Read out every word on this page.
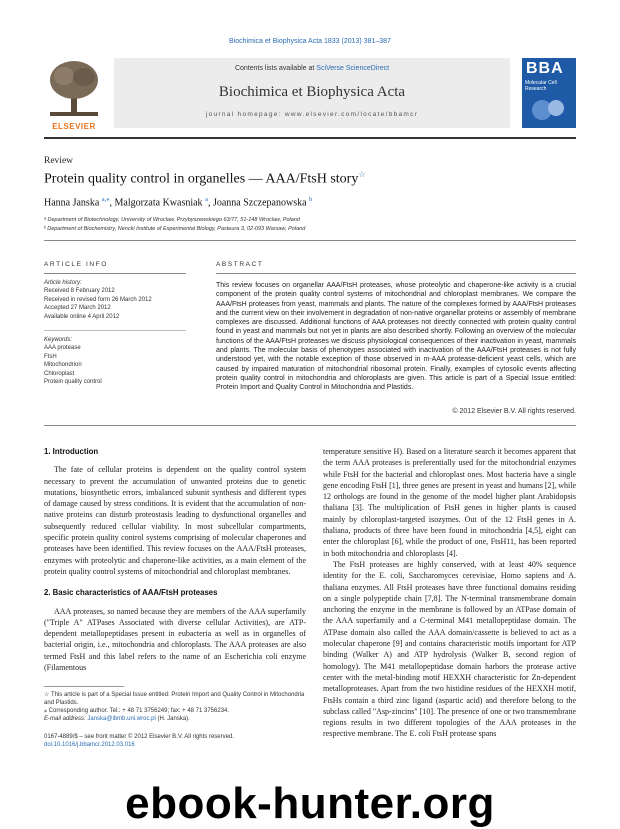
Biochimica et Biophysica Acta 1833 (2013) 381–387
ELSEVIER
Contents lists available at SciVerse ScienceDirect
Biochimica et Biophysica Acta
journal homepage: www.elsevier.com/locate/bbamcr
BBA
Molecular Cell Research
Review
Protein quality control in organelles — AAA/FtsH story☆
Hanna Janska $^{a,⁎}$, Malgorzata Kwasniak $^a$, Joanna Szczepanowska $^b$
ᵃ Department of Biotechnology, University of Wroclaw, Przybyszewskiego 63/77, 51-148 Wroclaw, Poland
ᵇ Department of Biochemistry, Nencki Institute of Experimental Biology, Pasteura 3, 02-093 Warsaw, Poland
ARTICLE INFO
Article history:
Received 8 February 2012
Received in revised form 26 March 2012
Accepted 27 March 2012
Available online 4 April 2012
Keywords:
AAA protease
FtsH
Mitochondrion
Chloroplast
Protein quality control
ABSTRACT
This review focuses on organellar AAA/FtsH proteases, whose proteolytic and chaperone-like activity is a crucial component of the protein quality control systems of mitochondrial and chloroplast membranes. We compare the AAA/FtsH proteases from yeast, mammals and plants. The nature of the complexes formed by AAA/FtsH proteases and the current view on their involvement in degradation of non-native organellar proteins or assembly of membrane complexes are discussed. Additional functions of AAA proteases not directly connected with protein quality control found in yeast and mammals but not yet in plants are also described shortly. Following an overview of the molecular functions of the AAA/FtsH proteases we discuss physiological consequences of their inactivation in yeast, mammals and plants. The molecular basis of phenotypes associated with inactivation of the AAA/FtsH proteases is not fully understood yet, with the notable exception of those observed in m-AAA protease-deficient yeast cells, which are caused by impaired maturation of mitochondrial ribosomal protein. Finally, examples of cytosolic events affecting protein quality control in mitochondria and chloroplasts are given. This article is part of a Special Issue entitled: Protein Import and Quality Control in Mitochondria and Plastids.
© 2012 Elsevier B.V. All rights reserved.
1. Introduction

The fate of cellular proteins is dependent on the quality control system necessary to prevent the accumulation of unwanted proteins due to genetic mutations, biosynthetic errors, imbalanced subunit synthesis and different types of damage caused by stress conditions. It is evident that the accumulation of non-native proteins can disturb proteostasis leading to dysfunctional organelles and subsequently reduced cellular viability. In most subcellular compartments, specific protein quality control systems comprising of molecular chaperones and proteases have been identified. This review focuses on the AAA/FtsH proteases, enzymes with proteolytic and chaperone-like activities, as a main element of the protein quality control systems of mitochondrial and chloroplast membranes.

2. Basic characteristics of AAA/FtsH proteases

AAA proteases, so named because they are members of the AAA superfamily ("Triple A" ATPases Associated with diverse cellular Activities), are ATP-dependent metallopeptidases present in eubacteria as well as in organelles of bacterial origin, i.e., mitochondria and chloroplasts. The AAA proteases are also termed FtsH and this label refers to the name of an Escherichia coli enzyme (Filamentous

☆ This article is part of a Special Issue entitled: Protein Import and Quality Control in Mitochondria and Plastids.
⁎ Corresponding author. Tel.: + 48 71 3756249; fax: + 48 71 3756234.
E-mail address: Janska@ibmb.uni.wroc.pl (H. Janska).
0167-4889/$ – see front matter © 2012 Elsevier B.V. All rights reserved.
doi:10.1016/j.bbamcr.2012.03.016

temperature sensitive H). Based on a literature search it becomes apparent that the term AAA proteases is preferentially used for the mitochondrial enzymes while FtsH for the bacterial and chloroplast ones. Most bacteria have a single gene encoding FtsH [1], three genes are present in yeast and humans [2], while 12 orthologs are found in the genome of the model higher plant Arabidopsis thaliana [3]. The multiplication of FtsH genes in higher plants is caused mainly by chloroplast-targeted isozymes. Out of the 12 FtsH genes in A. thaliana, products of three have been found in mitochondria [4,5], eight can enter the chloroplast [6], while the product of one, FtsH11, has been reported in both mitochondria and chloroplasts [4].

The FtsH proteases are highly conserved, with at least 40% sequence identity for the E. coli, Saccharomyces cerevisiae, Homo sapiens and A. thaliana enzymes. All FtsH proteases have three functional domains residing on a single polypeptide chain [7,8]. The N-terminal transmembrane domain anchoring the enzyme in the membrane is followed by an ATPase domain of the AAA superfamily and a C-terminal M41 metallopeptidase domain. The ATPase domain also called the AAA domain/cassette is believed to act as a molecular chaperone [9] and contains characteristic motifs important for ATP binding (Walker A) and ATP hydrolysis (Walker B, second region of homology). The M41 metallopeptidase domain harbors the protease active center with the metal-binding motif HEXXH characteristic for Zn-dependent metalloproteases. Apart from the two histidine residues of the HEXXH motif, FtsHs contain a third zinc ligand (aspartic acid) and therefore belong to the subclass called "Asp-zincins" [10]. The presence of one or two transmembrane regions results in two different topologies of the AAA proteases in the respective membrane. The E. coli FtsH protease spans

ebook-hunter.org
